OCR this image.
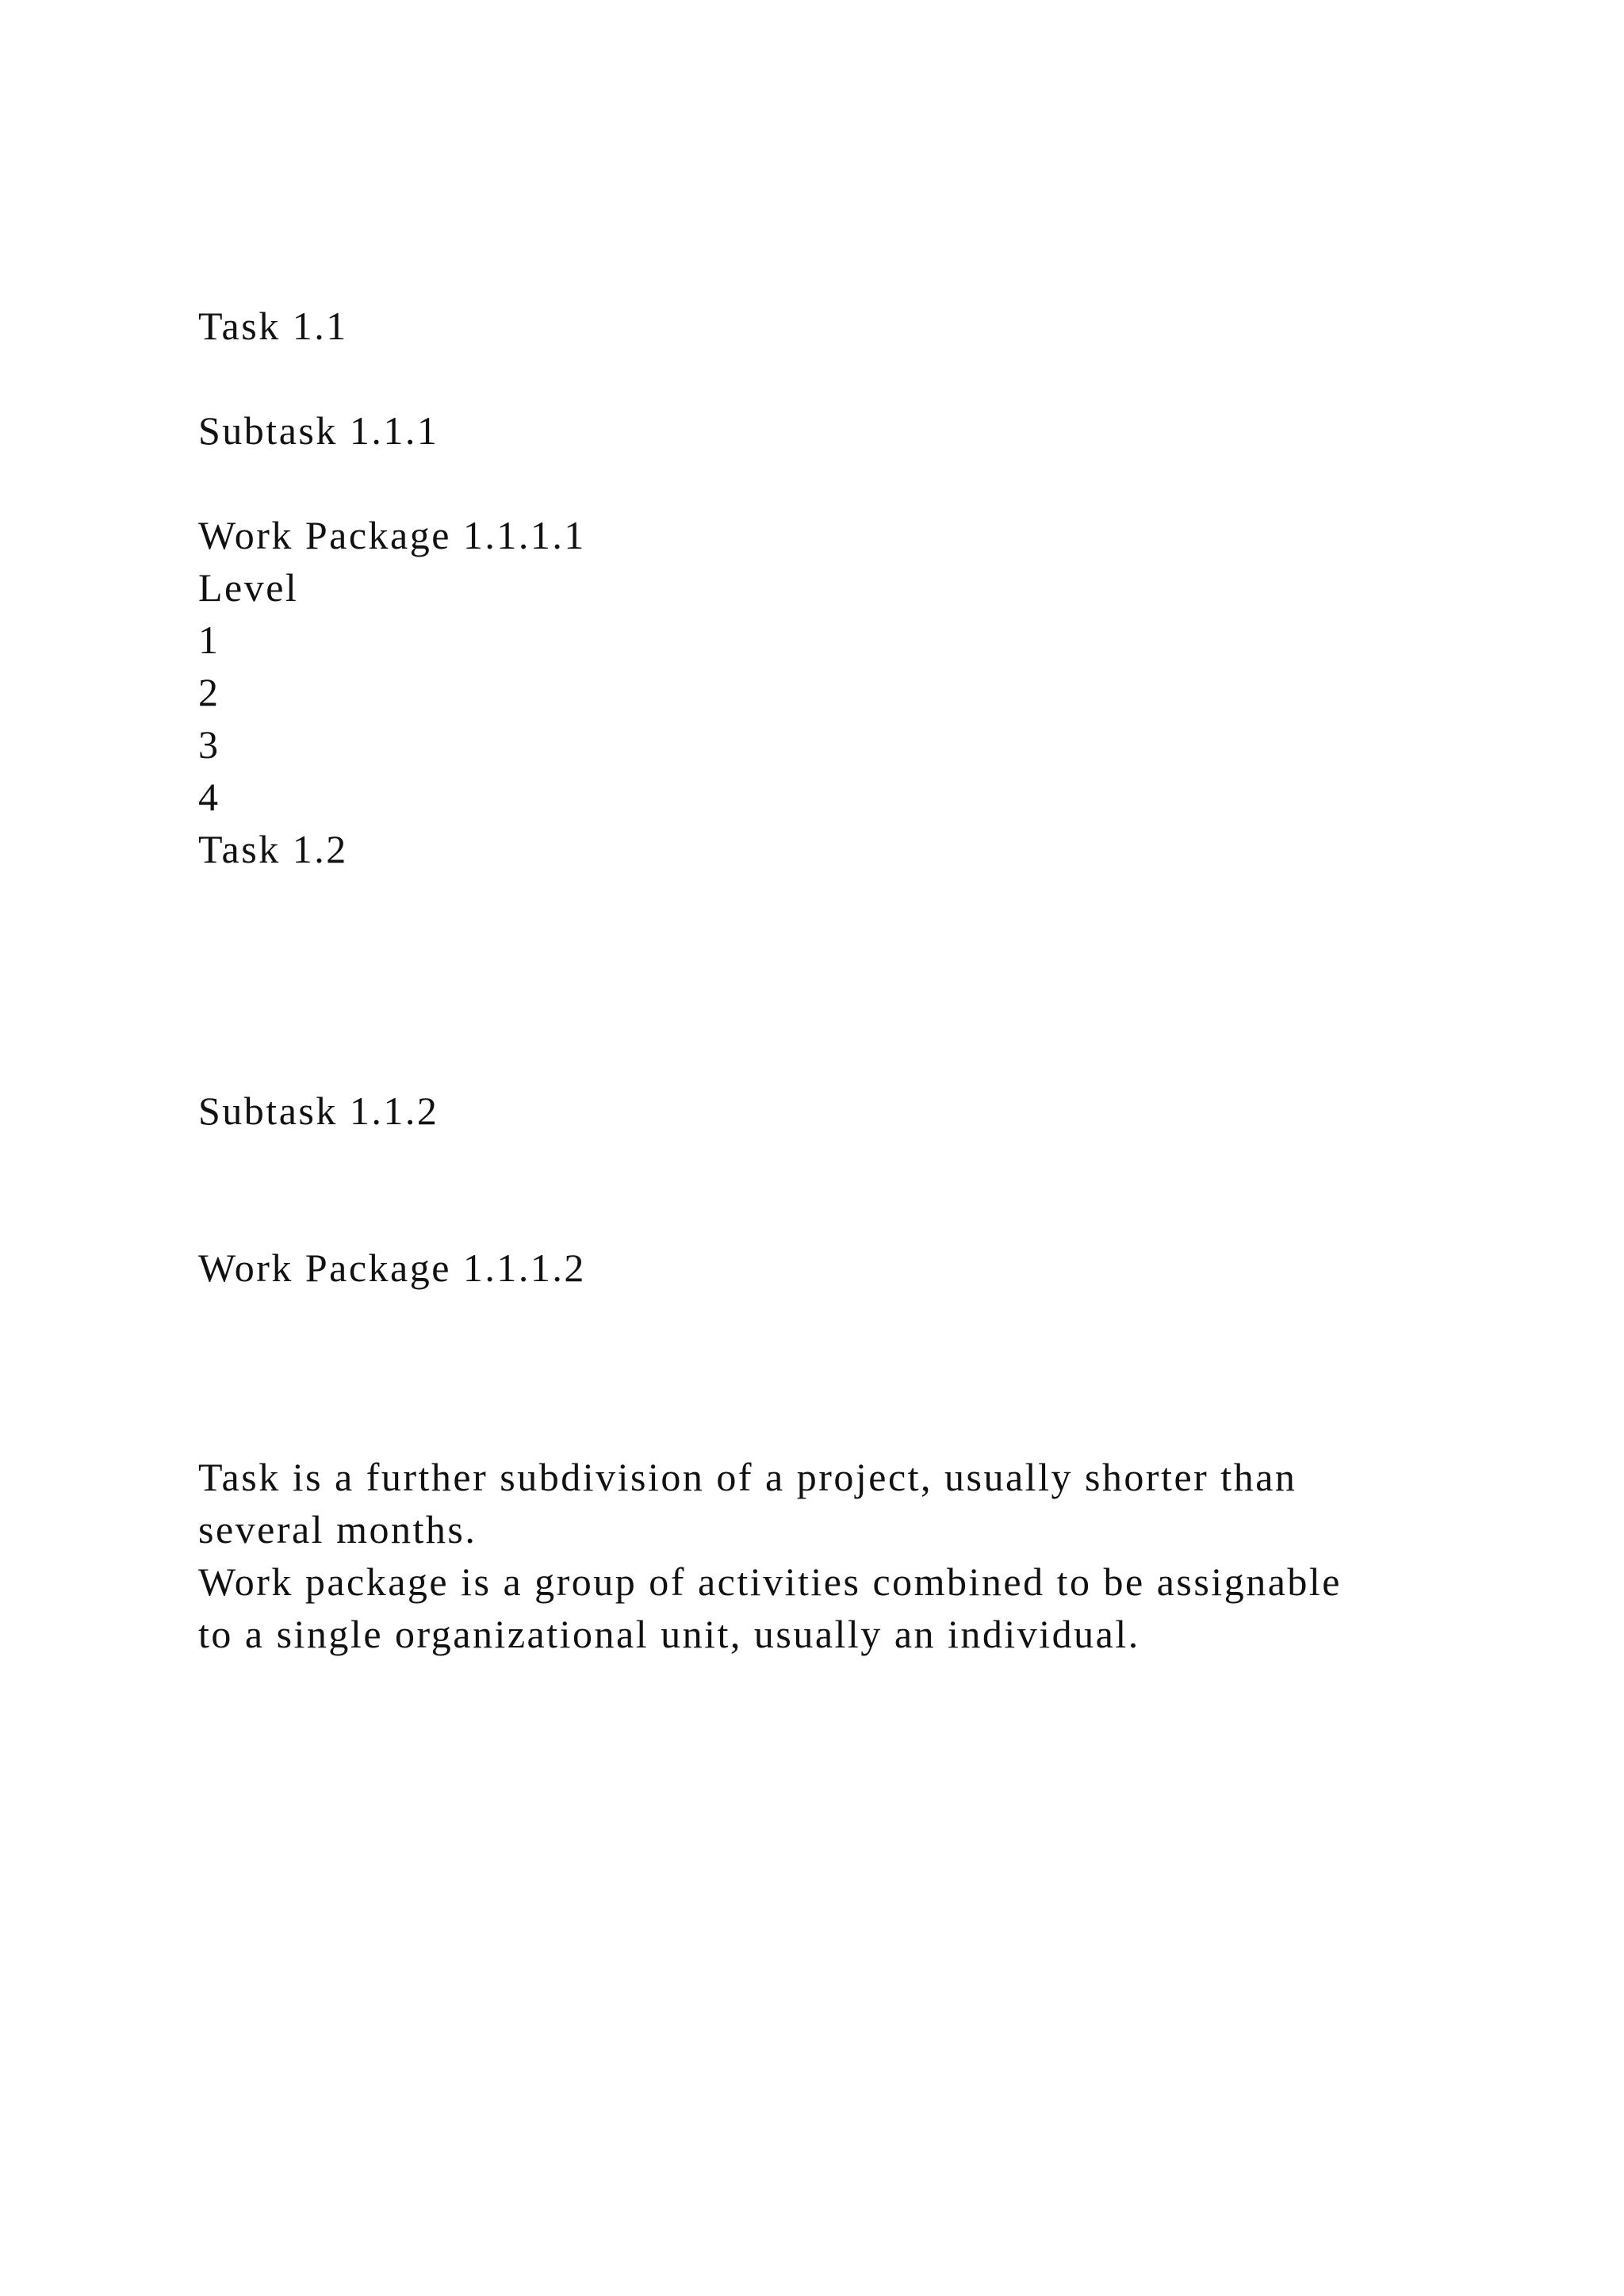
Task 1.1
Subtask 1.1.1
Work Package 1.1.1.1
Level
1
2
3
4
Task 1.2
Subtask 1.1.2
Work Package 1.1.1.2
Task is a further subdivision of a project, usually shorter than
several months.
Work package is a group of activities combined to be assignable
to a single organizational unit, usually an individual.
